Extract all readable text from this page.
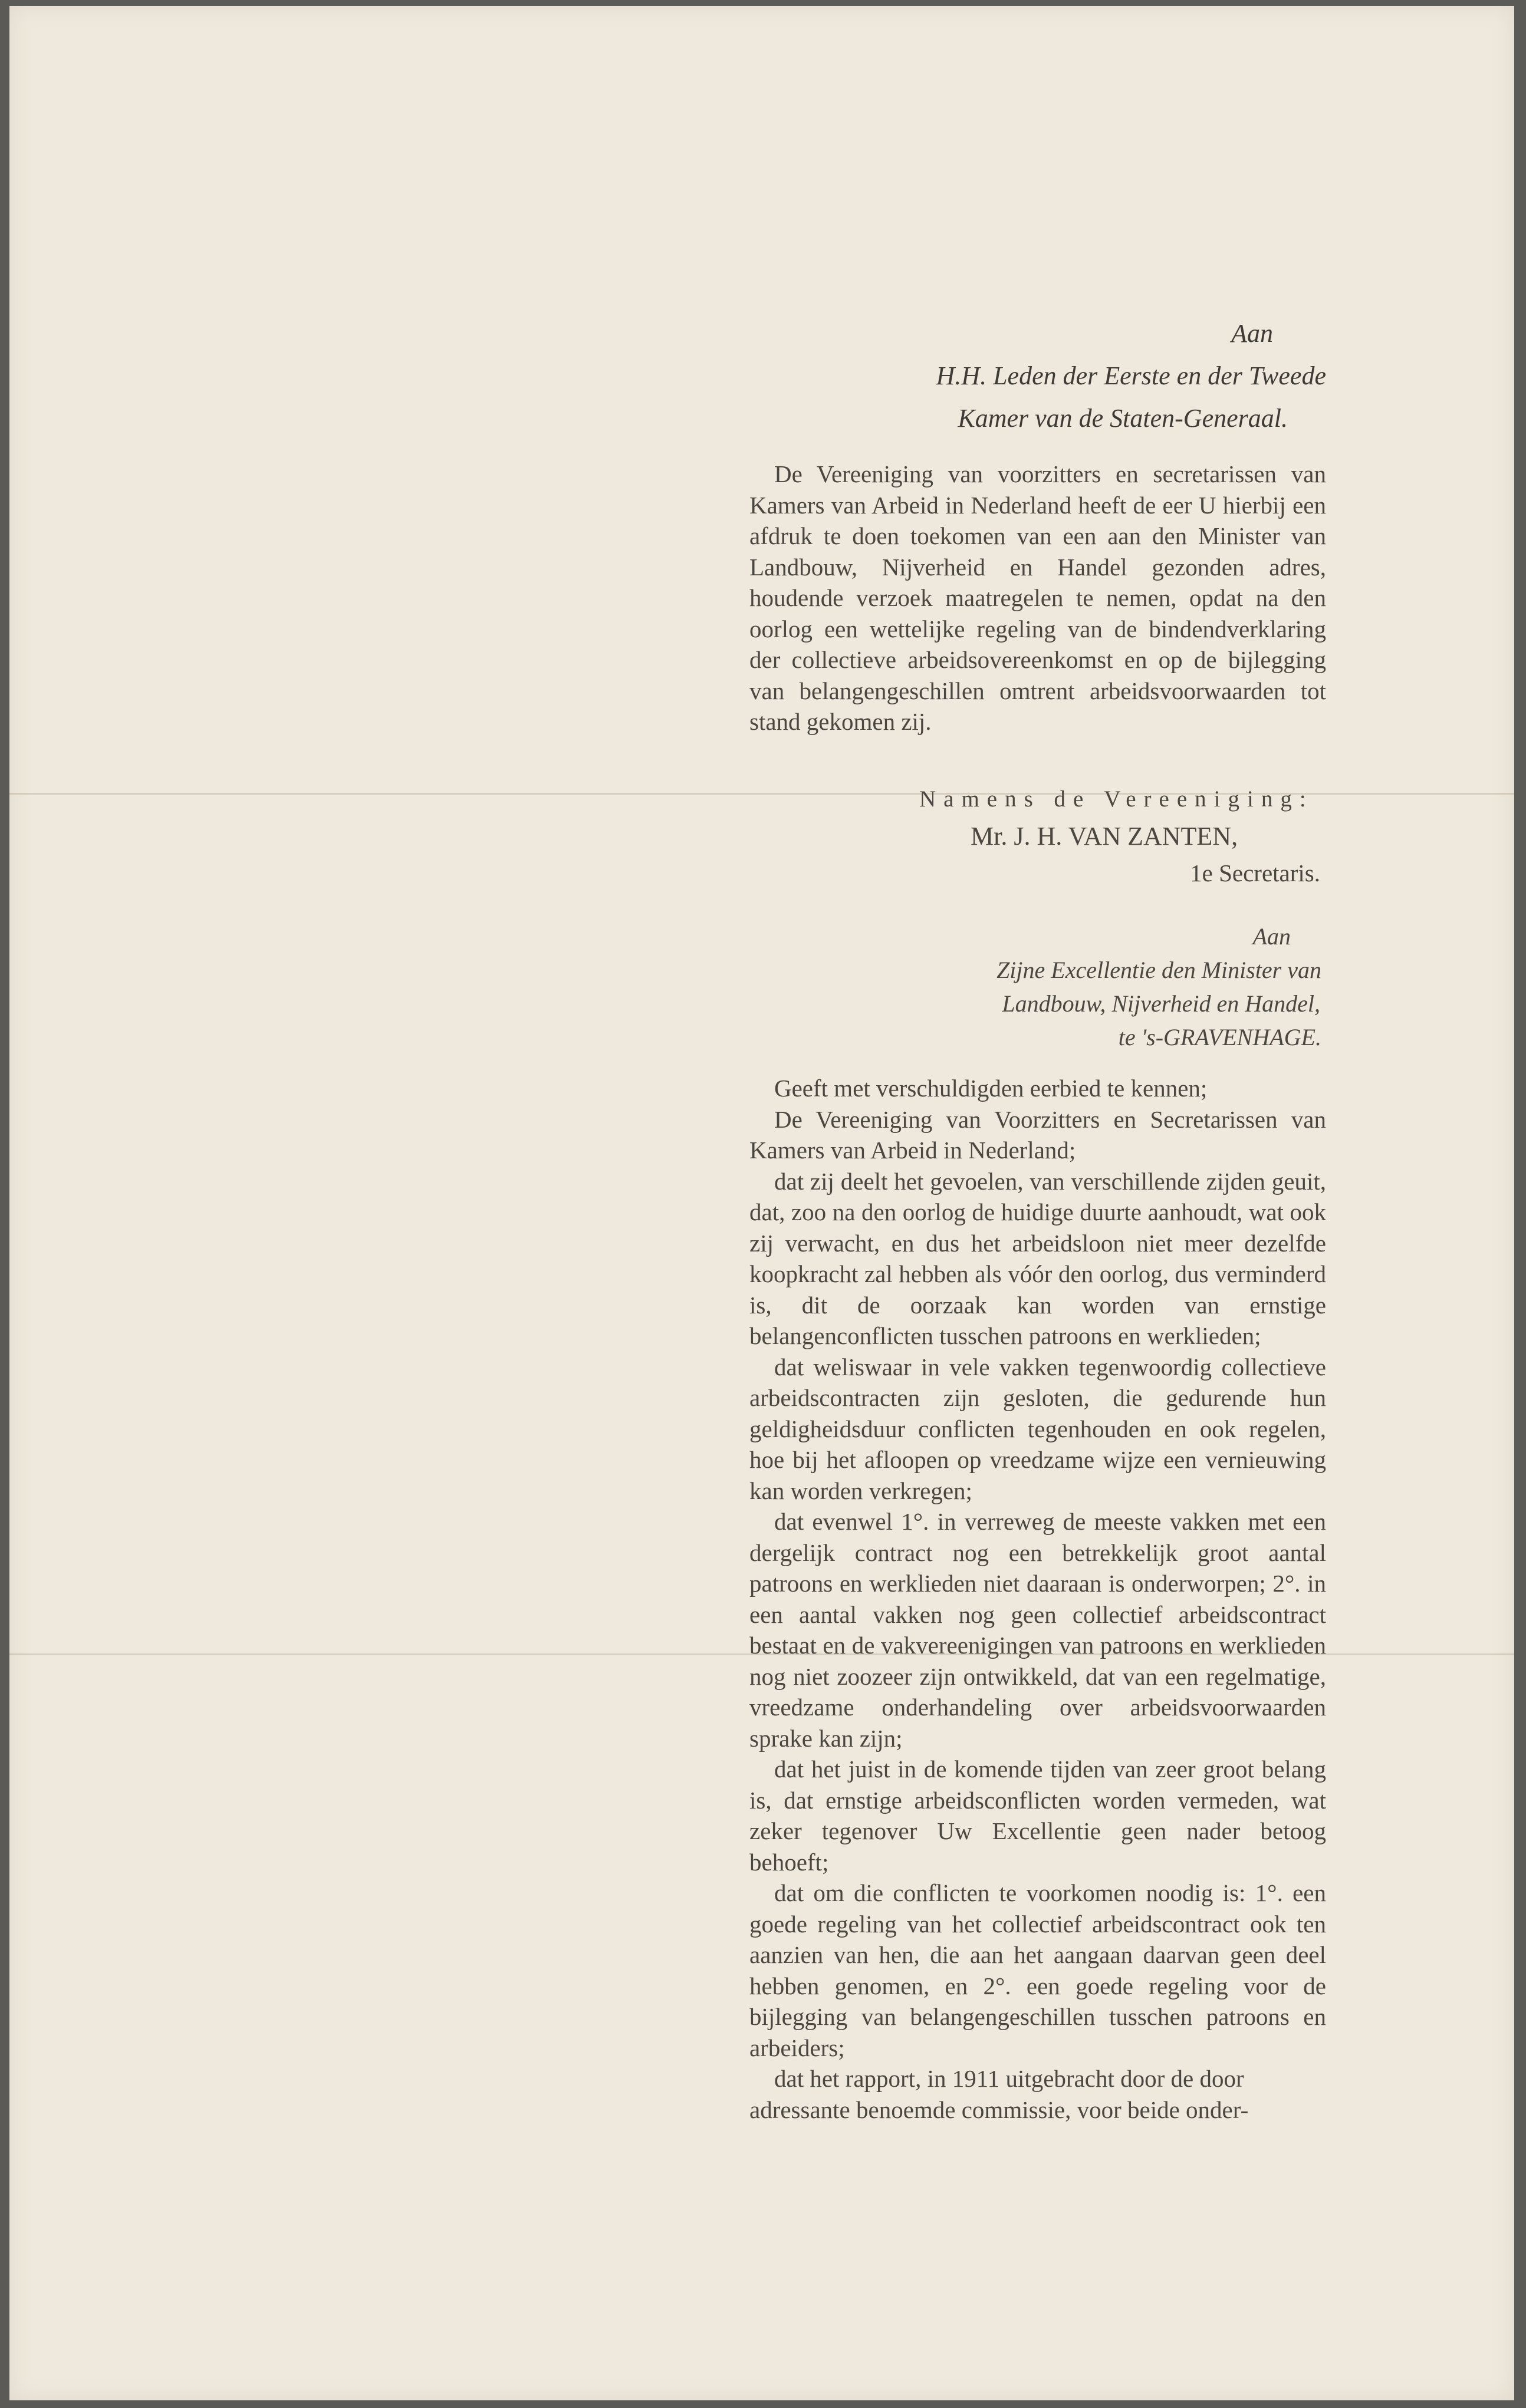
Aan
H.H. Leden der Eerste en der Tweede
Kamer van de Staten-Generaal.

De Vereeniging van voorzitters en secretarissen van Kamers van Arbeid in Nederland heeft de eer U hierbij een afdruk te doen toekomen van een aan den Minister van Landbouw, Nijverheid en Handel gezonden adres, houdende verzoek maatregelen te nemen, opdat na den oorlog een wettelijke regeling van de bindendverklaring der collectieve arbeidsovereenkomst en op de bijlegging van belangengeschillen omtrent arbeidsvoorwaarden tot stand gekomen zij.

Namens de Vereeniging:
Mr. J. H. VAN ZANTEN,
1e Secretaris.
Aan
Zijne Excellentie den Minister van
Landbouw, Nijverheid en Handel,
te 's-GRAVENHAGE.

Geeft met verschuldigden eerbied te kennen;

De Vereeniging van Voorzitters en Secretarissen van Kamers van Arbeid in Nederland;

dat zij deelt het gevoelen, van verschillende zijden geuit, dat, zoo na den oorlog de huidige duurte aanhoudt, wat ook zij verwacht, en dus het arbeidsloon niet meer dezelfde koopkracht zal hebben als vóór den oorlog, dus verminderd is, dit de oorzaak kan worden van ernstige belangenconflicten tusschen patroons en werklieden;

dat weliswaar in vele vakken tegenwoordig collectieve arbeidscontracten zijn gesloten, die gedurende hun geldigheidsduur conflicten tegenhouden en ook regelen, hoe bij het afloopen op vreedzame wijze een vernieuwing kan worden verkregen;

dat evenwel 1°. in verreweg de meeste vakken met een dergelijk contract nog een betrekkelijk groot aantal patroons en werklieden niet daaraan is onderworpen; 2°. in een aantal vakken nog geen collectief arbeidscontract bestaat en de vakvereenigingen van patroons en werklieden nog niet zoozeer zijn ontwikkeld, dat van een regelmatige, vreedzame onderhandeling over arbeidsvoorwaarden sprake kan zijn;

dat het juist in de komende tijden van zeer groot belang is, dat ernstige arbeidsconflicten worden vermeden, wat zeker tegenover Uw Excellentie geen nader betoog behoeft;

dat om die conflicten te voorkomen noodig is: 1°. een goede regeling van het collectief arbeidscontract ook ten aanzien van hen, die aan het aangaan daarvan geen deel hebben genomen, en 2°. een goede regeling voor de bijlegging van belangengeschillen tusschen patroons en arbeiders;

dat het rapport, in 1911 uitgebracht door de door adressante benoemde commissie, voor beide onder-
